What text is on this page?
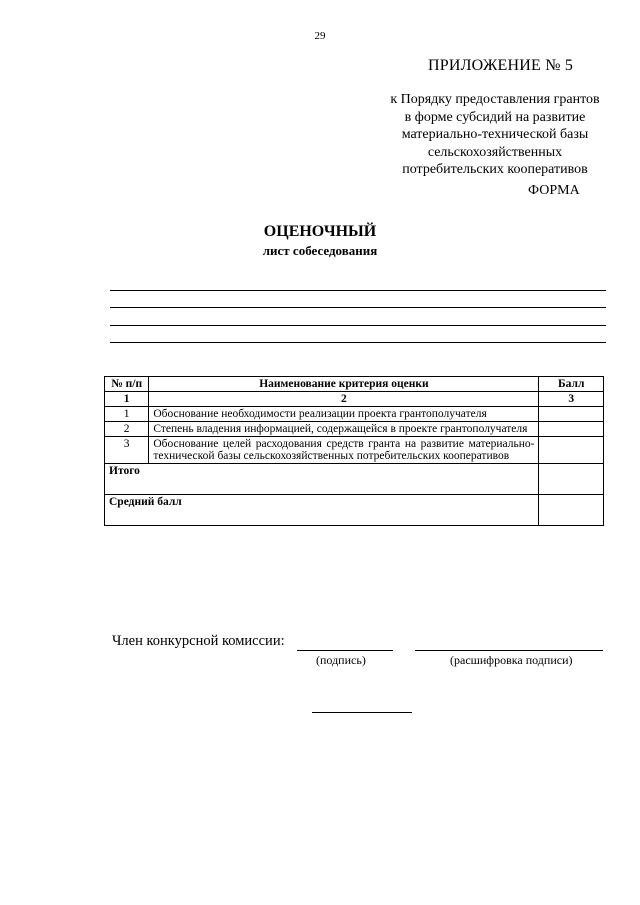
29
ПРИЛОЖЕНИЕ № 5
к Порядку предоставления грантов
в форме субсидий на развитие
материально-технической базы
сельскохозяйственных
потребительских кооперативов
ФОРМА
ОЦЕНОЧНЫЙ
лист собеседования
№ п/п	Наименование критерия оценки	Балл
1	2	3
1	Обоснование необходимости реализации проекта грантополучателя	
2	Степень владения информацией, содержащейся в проекте грантополучателя	
3	Обоснование целей расходования средств гранта на развитие материально-технической базы сельскохозяйственных потребительских кооперативов	
Итого		
Средний балл		
Член конкурсной комиссии:
(подпись)	(расшифровка подписи)
